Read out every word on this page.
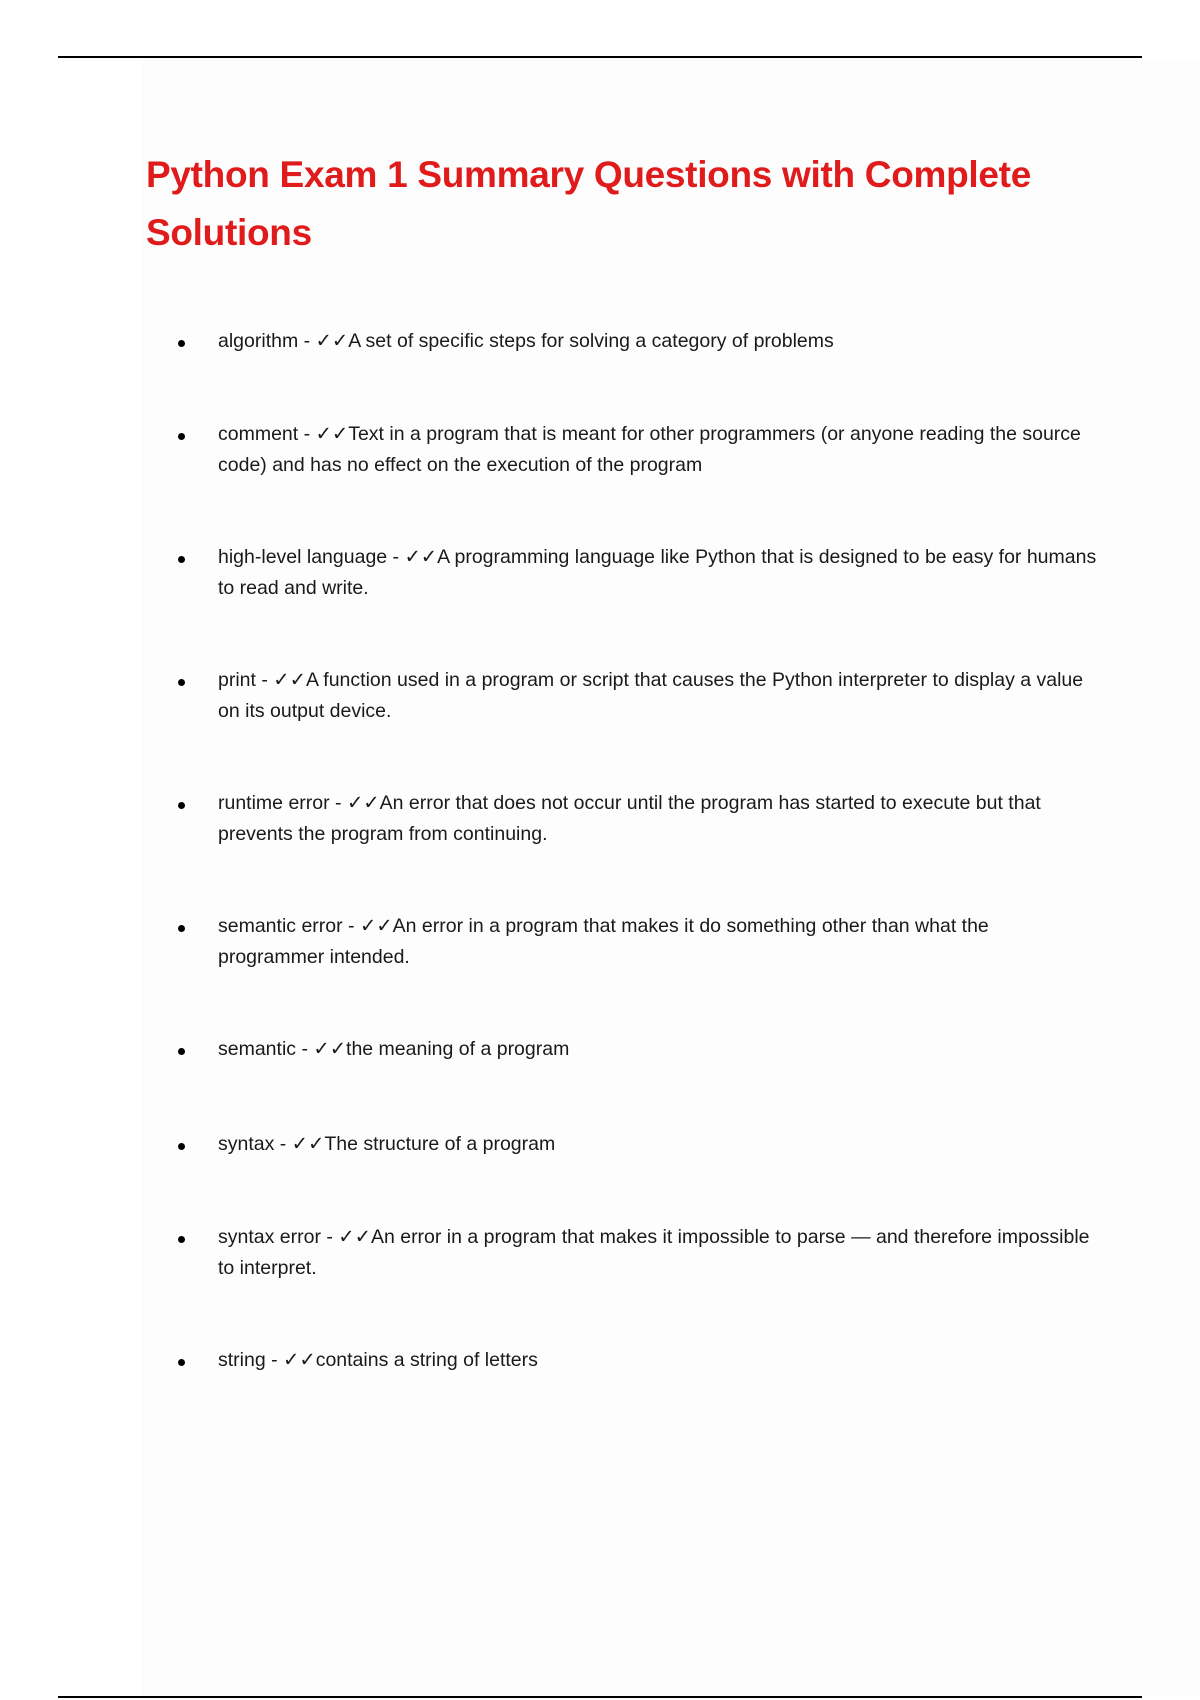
Python Exam 1 Summary Questions with Complete Solutions
algorithm - ✓✓A set of specific steps for solving a category of problems
comment - ✓✓Text in a program that is meant for other programmers (or anyone reading the source code) and has no effect on the execution of the program
high-level language - ✓✓A programming language like Python that is designed to be easy for humans to read and write.
print - ✓✓A function used in a program or script that causes the Python interpreter to display a value on its output device.
runtime error - ✓✓An error that does not occur until the program has started to execute but that prevents the program from continuing.
semantic error - ✓✓An error in a program that makes it do something other than what the programmer intended.
semantic - ✓✓the meaning of a program
syntax - ✓✓The structure of a program
syntax error - ✓✓An error in a program that makes it impossible to parse — and therefore impossible to interpret.
string - ✓✓contains a string of letters
